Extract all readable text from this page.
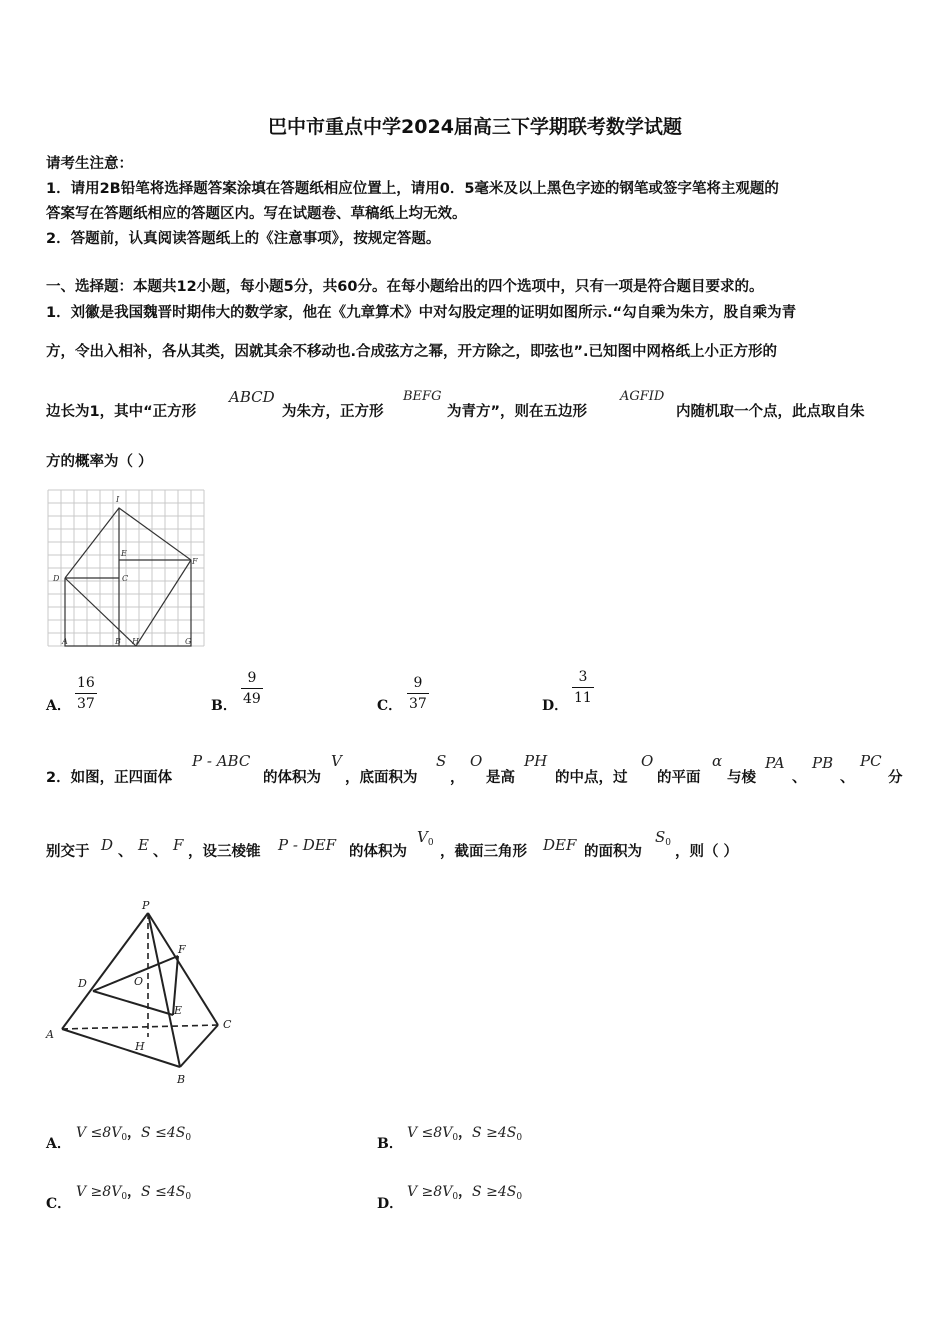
巴中市重点中学2024届高三下学期联考数学试题
请考生注意：
1．请用2B铅笔将选择题答案涂填在答题纸相应位置上，请用0．5毫米及以上黑色字迹的钢笔或签字笔将主观题的
答案写在答题纸相应的答题区内。写在试题卷、草稿纸上均无效。
2．答题前，认真阅读答题纸上的《注意事项》，按规定答题。
一、选择题：本题共12小题，每小题5分，共60分。在每小题给出的四个选项中，只有一项是符合题目要求的。
1．刘徽是我国魏晋时期伟大的数学家，他在《九章算术》中对勾股定理的证明如图所示.“勾自乘为朱方，股自乘为青
方，令出入相补，各从其类，因就其余不移动也.合成弦方之幂，开方除之，即弦也”.已知图中网格纸上小正方形的
边长为1，其中“正方形
ABCD
为朱方，正方形
BEFG
为青方”，则在五边形
AGFID
内随机取一个点，此点取自朱
方的概率为（ ）
I
E
F
D	C
A	B H	G
A． $\frac{16}{37}$	B． $\frac{9}{49}$	C． $\frac{9}{37}$	D． $\frac{3}{11}$
2．如图，正四面体
P - ABC
的体积为
V
，底面积为
S
，
O
是高
PH
的中点，过
O
的平面
α
与棱
PA
、
PB
、
PC
分
别交于 D 、 E 、 F ，设三棱锥 P - DEF 的体积为
$V_0$
，截面三角形 DEF 的面积为
$S_0$
，则（ ）
P
F
D	O
E
A
C
H
B
A．
$V \le 8V_0$，$S \le 4S_0$	B．
$V \le 8V_0$，$S \ge 4S_0$
C．
$V \ge 8V_0$，$S \le 4S_0$	D．
$V \ge 8V_0$，$S \ge 4S_0$
